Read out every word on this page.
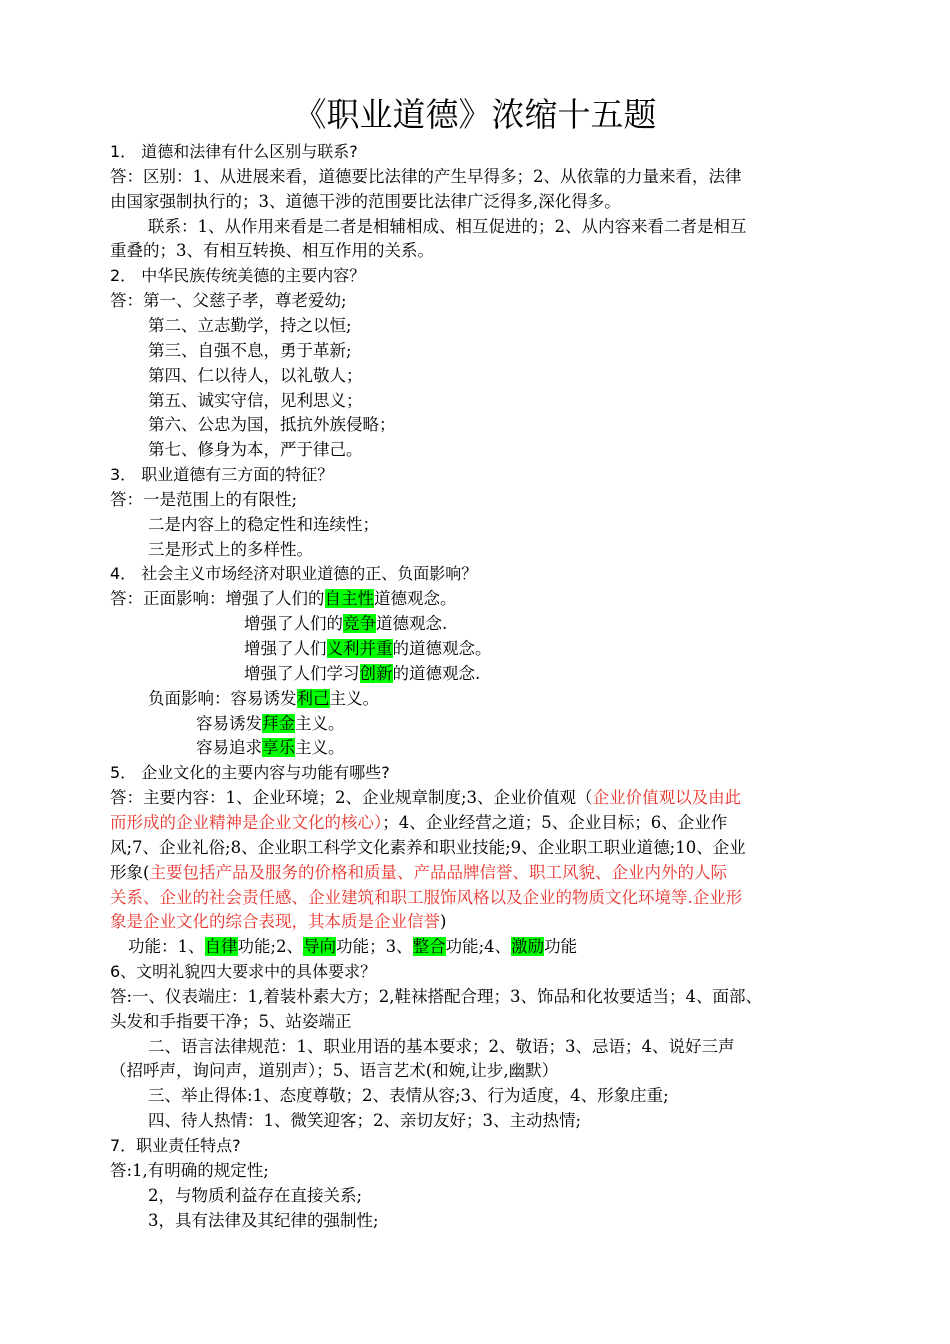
《职业道德》浓缩十五题
1． 道德和法律有什么区别与联系?
答：区别：1、从进展来看，道德要比法律的产生早得多；2、从依靠的力量来看，法律
由国家强制执行的；3、道德干涉的范围要比法律广泛得多,深化得多。
联系：1、从作用来看是二者是相辅相成、相互促进的；2、从内容来看二者是相互
重叠的；3、有相互转换、相互作用的关系。
2． 中华民族传统美德的主要内容？
答：第一、父慈子孝，尊老爱幼;
第二、立志勤学，持之以恒;
第三、自强不息，勇于革新;
第四、仁以待人，以礼敬人；
第五、诚实守信，见利思义；
第六、公忠为国，抵抗外族侵略；
第七、修身为本，严于律己。
3． 职业道德有三方面的特征？
答：一是范围上的有限性;
二是内容上的稳定性和连续性；
三是形式上的多样性。
4． 社会主义市场经济对职业道德的正、负面影响？
答：正面影响：增强了人们的自主性道德观念。
增强了人们的竞争道德观念.
增强了人们义利并重的道德观念。
增强了人们学习创新的道德观念.
负面影响：容易诱发利己主义。
容易诱发拜金主义。
容易追求享乐主义。
5． 企业文化的主要内容与功能有哪些?
答：主要内容：1、企业环境；2、企业规章制度;3、企业价值观（企业价值观以及由此
而形成的企业精神是企业文化的核心）；4、企业经营之道；5、企业目标；6、企业作
风;7、企业礼俗;8、企业职工科学文化素养和职业技能;9、企业职工职业道德;10、企业
形象(主要包括产品及服务的价格和质量、产品品牌信誉、职工风貌、企业内外的人际
关系、企业的社会责任感、企业建筑和职工服饰风格以及企业的物质文化环境等.企业形
象是企业文化的综合表现，其本质是企业信誉)
功能：1、自律功能;2、导向功能；3、整合功能;4、激励功能
6、文明礼貌四大要求中的具体要求？
答:一、仪表端庄：1,着装朴素大方；2,鞋袜搭配合理；3、饰品和化妆要适当；4、面部、
头发和手指要干净；5、站姿端正
二、语言法律规范：1、职业用语的基本要求；2、敬语；3、忌语；4、说好三声
（招呼声，询问声，道别声）；5、语言艺术(和婉,让步,幽默）
三、举止得体:1、态度尊敬；2、表情从容;3、行为适度，4、形象庄重;
四、待人热情：1、微笑迎客；2、亲切友好；3、主动热情;
7．职业责任特点?
答:1,有明确的规定性;
2，与物质利益存在直接关系;
3，具有法律及其纪律的强制性;
